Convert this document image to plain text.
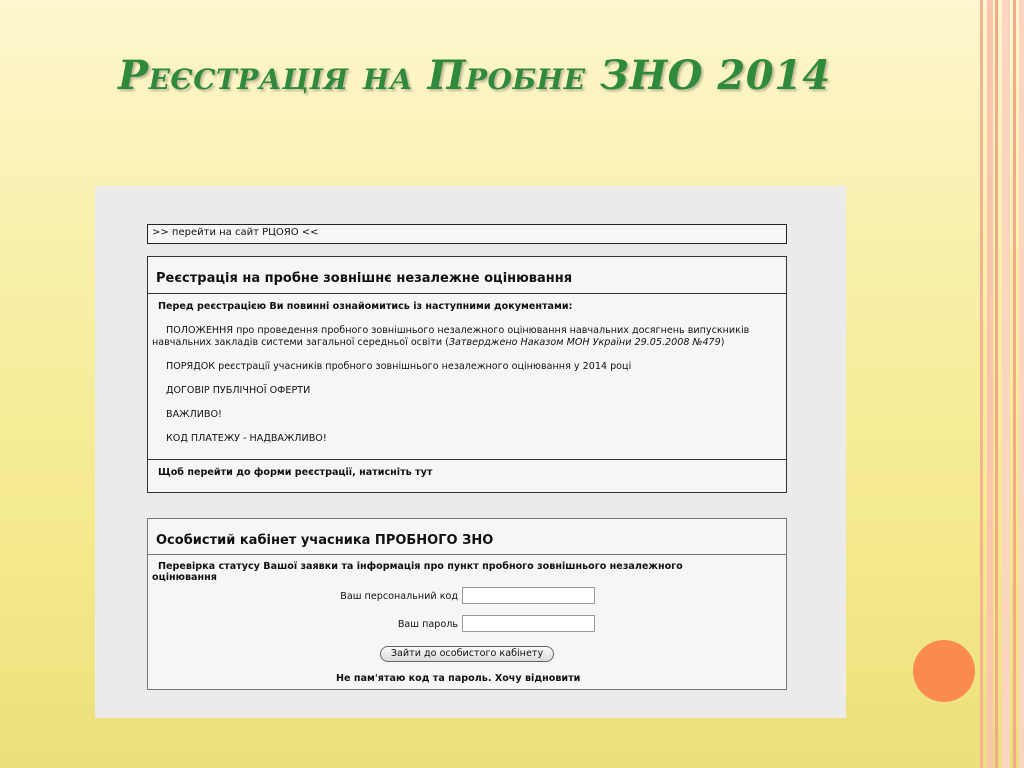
Реєстрація на Пробне ЗНО 2014
>> перейти на сайт РЦОЯО <<
Реєстрація на пробне зовнішнє незалежне оцінювання
Перед реєстрацією Ви повинні ознайомитись із наступними документами:
ПОЛОЖЕННЯ про проведення пробного зовнішнього незалежного оцінювання навчальних досягнень випускників
навчальних закладів системи загальної середньої освіти (Затверджено Наказом МОН України 29.05.2008 №479)
ПОРЯДОК реєстрації учасників пробного зовнішнього незалежного оцінювання у 2014 році
ДОГОВІР ПУБЛІЧНОЇ ОФЕРТИ
ВАЖЛИВО!
КОД ПЛАТЕЖУ - НАДВАЖЛИВО!
Щоб перейти до форми реєстрації, натисніть тут
Особистий кабінет учасника ПРОБНОГО ЗНО
Перевірка статусу Вашої заявки та інформація про пункт пробного зовнішнього незалежного
оцінювання
Ваш персональний код
Ваш пароль
Зайти до особистого кабінету
Не пам'ятаю код та пароль. Хочу відновити
